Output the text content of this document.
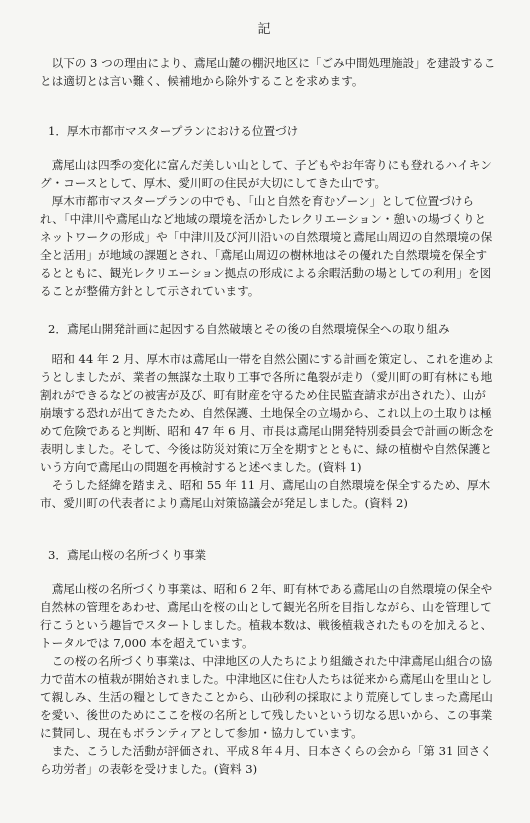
記
　以下の 3 つの理由により、鳶尾山麓の棚沢地区に「ごみ中間処理施設」を建設することは適切とは言い難く、候補地から除外することを求めます。
1．厚木市都市マスタープランにおける位置づけ
　鳶尾山は四季の変化に富んだ美しい山として、子どもやお年寄りにも登れるハイキング・コースとして、厚木、愛川町の住民が大切にしてきた山です。
　厚木市都市マスタープランの中でも、「山と自然を育むゾーン」として位置づけられ、「中津川や鳶尾山など地域の環境を活かしたレクリエーション・憩いの場づくりとネットワークの形成」や「中津川及び河川沿いの自然環境と鳶尾山周辺の自然環境の保全と活用」が地域の課題とされ、「鳶尾山周辺の樹林地はその優れた自然環境を保全するとともに、観光レクリエーション拠点の形成による余暇活動の場としての利用」を図ることが整備方針として示されています。
2．鳶尾山開発計画に起因する自然破壊とその後の自然環境保全への取り組み
　昭和 44 年 2 月、厚木市は鳶尾山一帯を自然公園にする計画を策定し、これを進めようとしましたが、業者の無謀な土取り工事で各所に亀裂が走り（愛川町の町有林にも地割れができるなどの被害が及び、町有財産を守るため住民監査請求が出された）、山が崩壊する恐れが出てきたため、自然保護、土地保全の立場から、これ以上の土取りは極めて危険であると判断、昭和 47 年 6 月、市長は鳶尾山開発特別委員会で計画の断念を表明しました。そして、今後は防災対策に万全を期すとともに、緑の植樹や自然保護という方向で鳶尾山の問題を再検討すると述べました。(資料 1)
　そうした経緯を踏まえ、昭和 55 年 11 月、鳶尾山の自然環境を保全するため、厚木市、愛川町の代表者により鳶尾山対策協議会が発足しました。(資料 2)
3．鳶尾山桜の名所づくり事業
　鳶尾山桜の名所づくり事業は、昭和６２年、町有林である鳶尾山の自然環境の保全や自然林の管理をあわせ、鳶尾山を桜の山として観光名所を目指しながら、山を管理して行こうという趣旨でスタートしました。植栽本数は、戦後植栽されたものを加えると、トータルでは 7,000 本を超えています。
　この桜の名所づくり事業は、中津地区の人たちにより組織された中津鳶尾山組合の協力で苗木の植栽が開始されました。中津地区に住む人たちは従来から鳶尾山を里山として親しみ、生活の糧としてきたことから、山砂利の採取により荒廃してしまった鳶尾山を愛い、後世のためにここを桜の名所として残したいという切なる思いから、この事業に賛同し、現在もボランティアとして参加・協力しています。
　また、こうした活動が評価され、平成８年４月、日本さくらの会から「第 31 回さくら功労者」の表彰を受けました。(資料 3)
